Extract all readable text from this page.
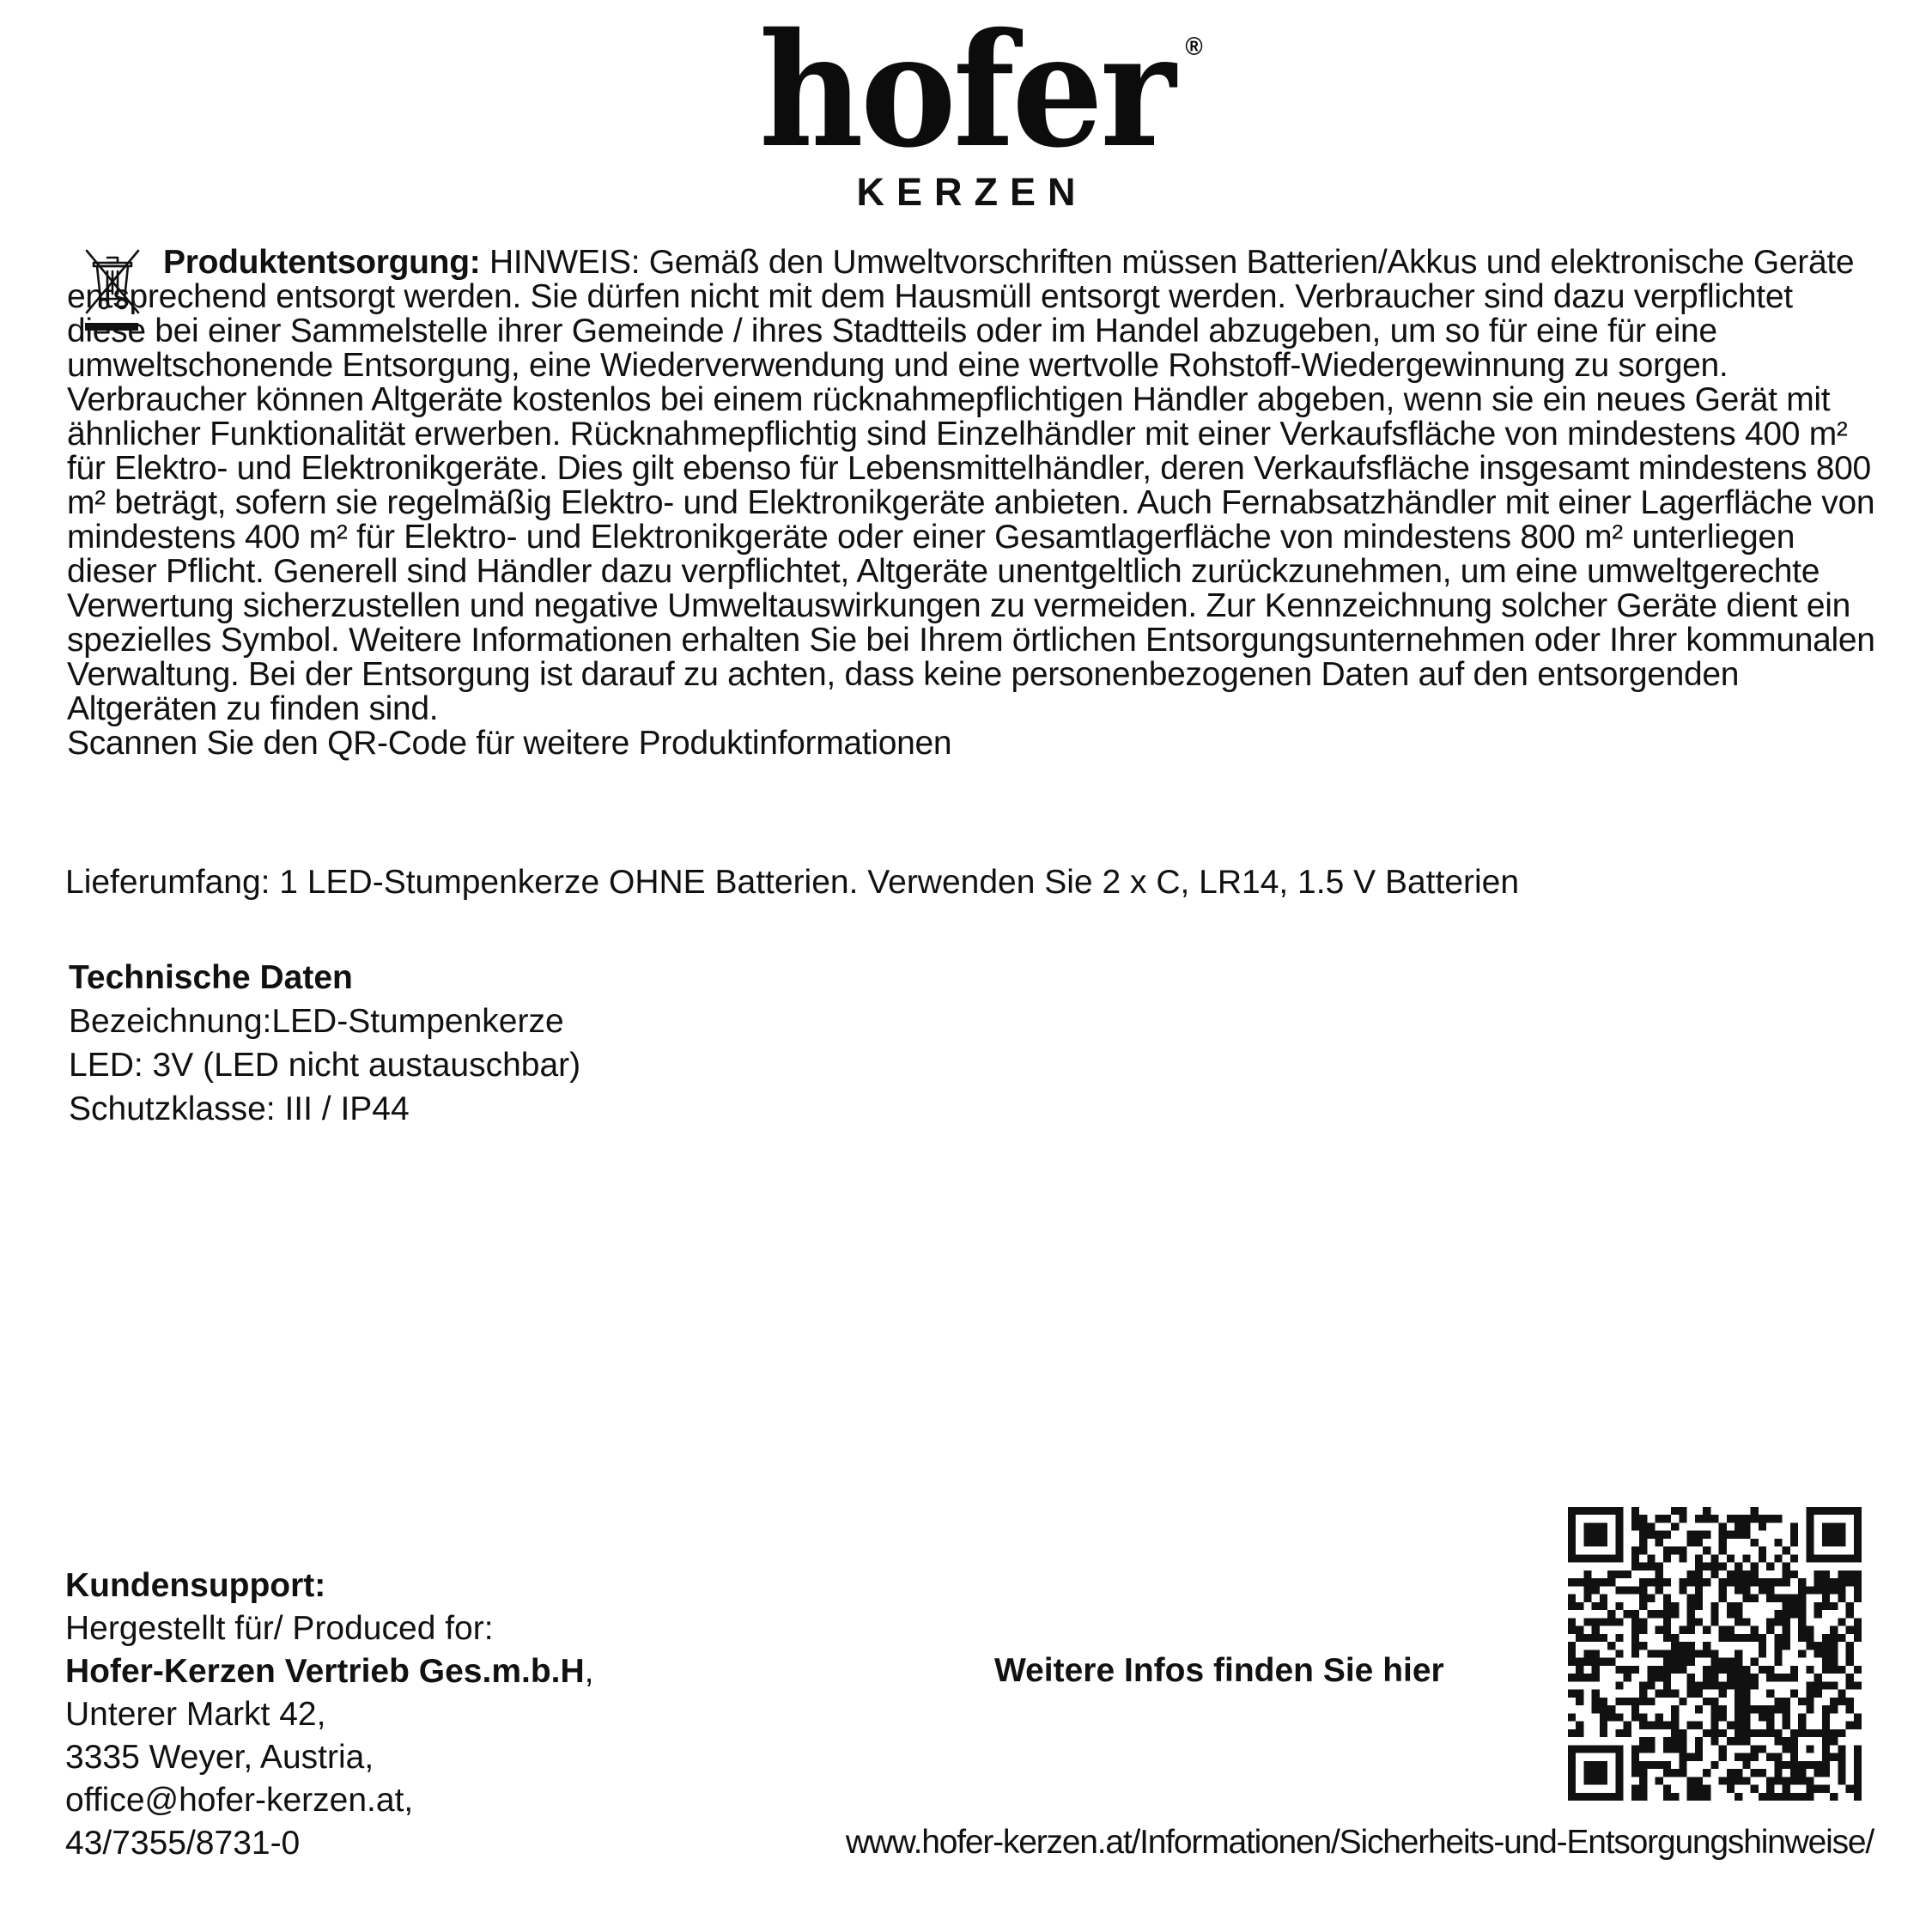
hofer ®
KERZEN

Produktentsorgung: HINWEIS: Gemäß den Umweltvorschriften müssen Batterien/Akkus und elektronische Geräte entsprechend entsorgt werden. Sie dürfen nicht mit dem Hausmüll entsorgt werden. Verbraucher sind dazu verpflichtet diese bei einer Sammelstelle ihrer Gemeinde / ihres Stadtteils oder im Handel abzugeben, um so für eine für eine umweltschonende Entsorgung, eine Wiederverwendung und eine wertvolle Rohstoff-Wiedergewinnung zu sorgen. Verbraucher können Altgeräte kostenlos bei einem rücknahmepflichtigen Händler abgeben, wenn sie ein neues Gerät mit ähnlicher Funktionalität erwerben. Rücknahmepflichtig sind Einzelhändler mit einer Verkaufsfläche von mindestens 400 m² für Elektro- und Elektronikgeräte. Dies gilt ebenso für Lebensmittelhändler, deren Verkaufsfläche insgesamt mindestens 800 m² beträgt, sofern sie regelmäßig Elektro- und Elektronikgeräte anbieten. Auch Fernabsatzhändler mit einer Lagerfläche von mindestens 400 m² für Elektro- und Elektronikgeräte oder einer Gesamtlagerfläche von mindestens 800 m² unterliegen dieser Pflicht. Generell sind Händler dazu verpflichtet, Altgeräte unentgeltlich zurückzunehmen, um eine umweltgerechte Verwertung sicherzustellen und negative Umweltauswirkungen zu vermeiden. Zur Kennzeichnung solcher Geräte dient ein spezielles Symbol. Weitere Informationen erhalten Sie bei Ihrem örtlichen Entsorgungsunternehmen oder Ihrer kommunalen Verwaltung. Bei der Entsorgung ist darauf zu achten, dass keine personenbezogenen Daten auf den entsorgenden Altgeräten zu finden sind.

Scannen Sie den QR-Code für weitere Produktinformationen

Lieferumfang: 1 LED-Stumpenkerze OHNE Batterien. Verwenden Sie 2 x C, LR14, 1.5 V Batterien
Technische Daten
Bezeichnung:LED-Stumpenkerze
LED: 3V (LED nicht austauschbar)
Schutzklasse: III / IP44
Kundensupport:
Hergestellt für/ Produced for:
Hofer-Kerzen Vertrieb Ges.m.b.H,
Unterer Markt 42,
3335 Weyer, Austria,
office@hofer-kerzen.at,
43/7355/8731-0
Weitere Infos finden Sie hier
www.hofer-kerzen.at/Informationen/Sicherheits-und-Entsorgungshinweise/
